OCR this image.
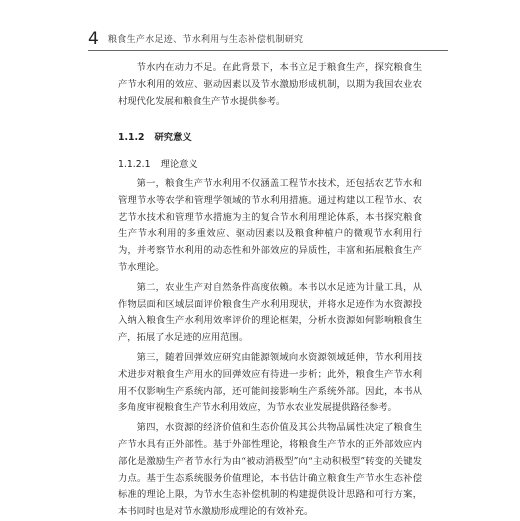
4 粮食生产水足迹、节水利用与生态补偿机制研究

节水内在动力不足。在此背景下，本书立足于粮食生产，探究粮食生产节水利用的效应、驱动因素以及节水激励形成机制，以期为我国农业农村现代化发展和粮食生产节水提供参考。

1.1.2 研究意义

1.1.2.1 理论意义

第一，粮食生产节水利用不仅涵盖工程节水技术，还包括农艺节水和管理节水等农学和管理学领域的节水利用措施。通过构建以工程节水、农艺节水技术和管理节水措施为主的复合节水利用理论体系，本书探究粮食生产节水利用的多重效应、驱动因素以及粮食种植户的微观节水利用行为，并考察节水利用的动态性和外部效应的异质性，丰富和拓展粮食生产节水理论。

第二，农业生产对自然条件高度依赖。本书以水足迹为计量工具，从作物层面和区域层面评价粮食生产水利用现状，并将水足迹作为水资源投入纳入粮食生产水利用效率评价的理论框架，分析水资源如何影响粮食生产，拓展了水足迹的应用范围。

第三，随着回弹效应研究由能源领域向水资源领域延伸，节水利用技术进步对粮食生产用水的回弹效应有待进一步析；此外，粮食生产节水利用不仅影响生产系统内部，还可能间接影响生产系统外部。因此，本书从多角度审视粮食生产节水利用效应，为节水农业发展提供路径参考。

第四，水资源的经济价值和生态价值及其公共物品属性决定了粮食生产节水具有正外部性。基于外部性理论，将粮食生产节水的正外部效应内部化是激励生产者节水行为由“被动消极型”向“主动积极型”转变的关键发力点。基于生态系统服务价值理论，本书估计确立粮食生产节水生态补偿标准的理论上限，为节水生态补偿机制的构建提供设计思路和可行方案，本书同时也是对节水激励形成理论的有效补充。
